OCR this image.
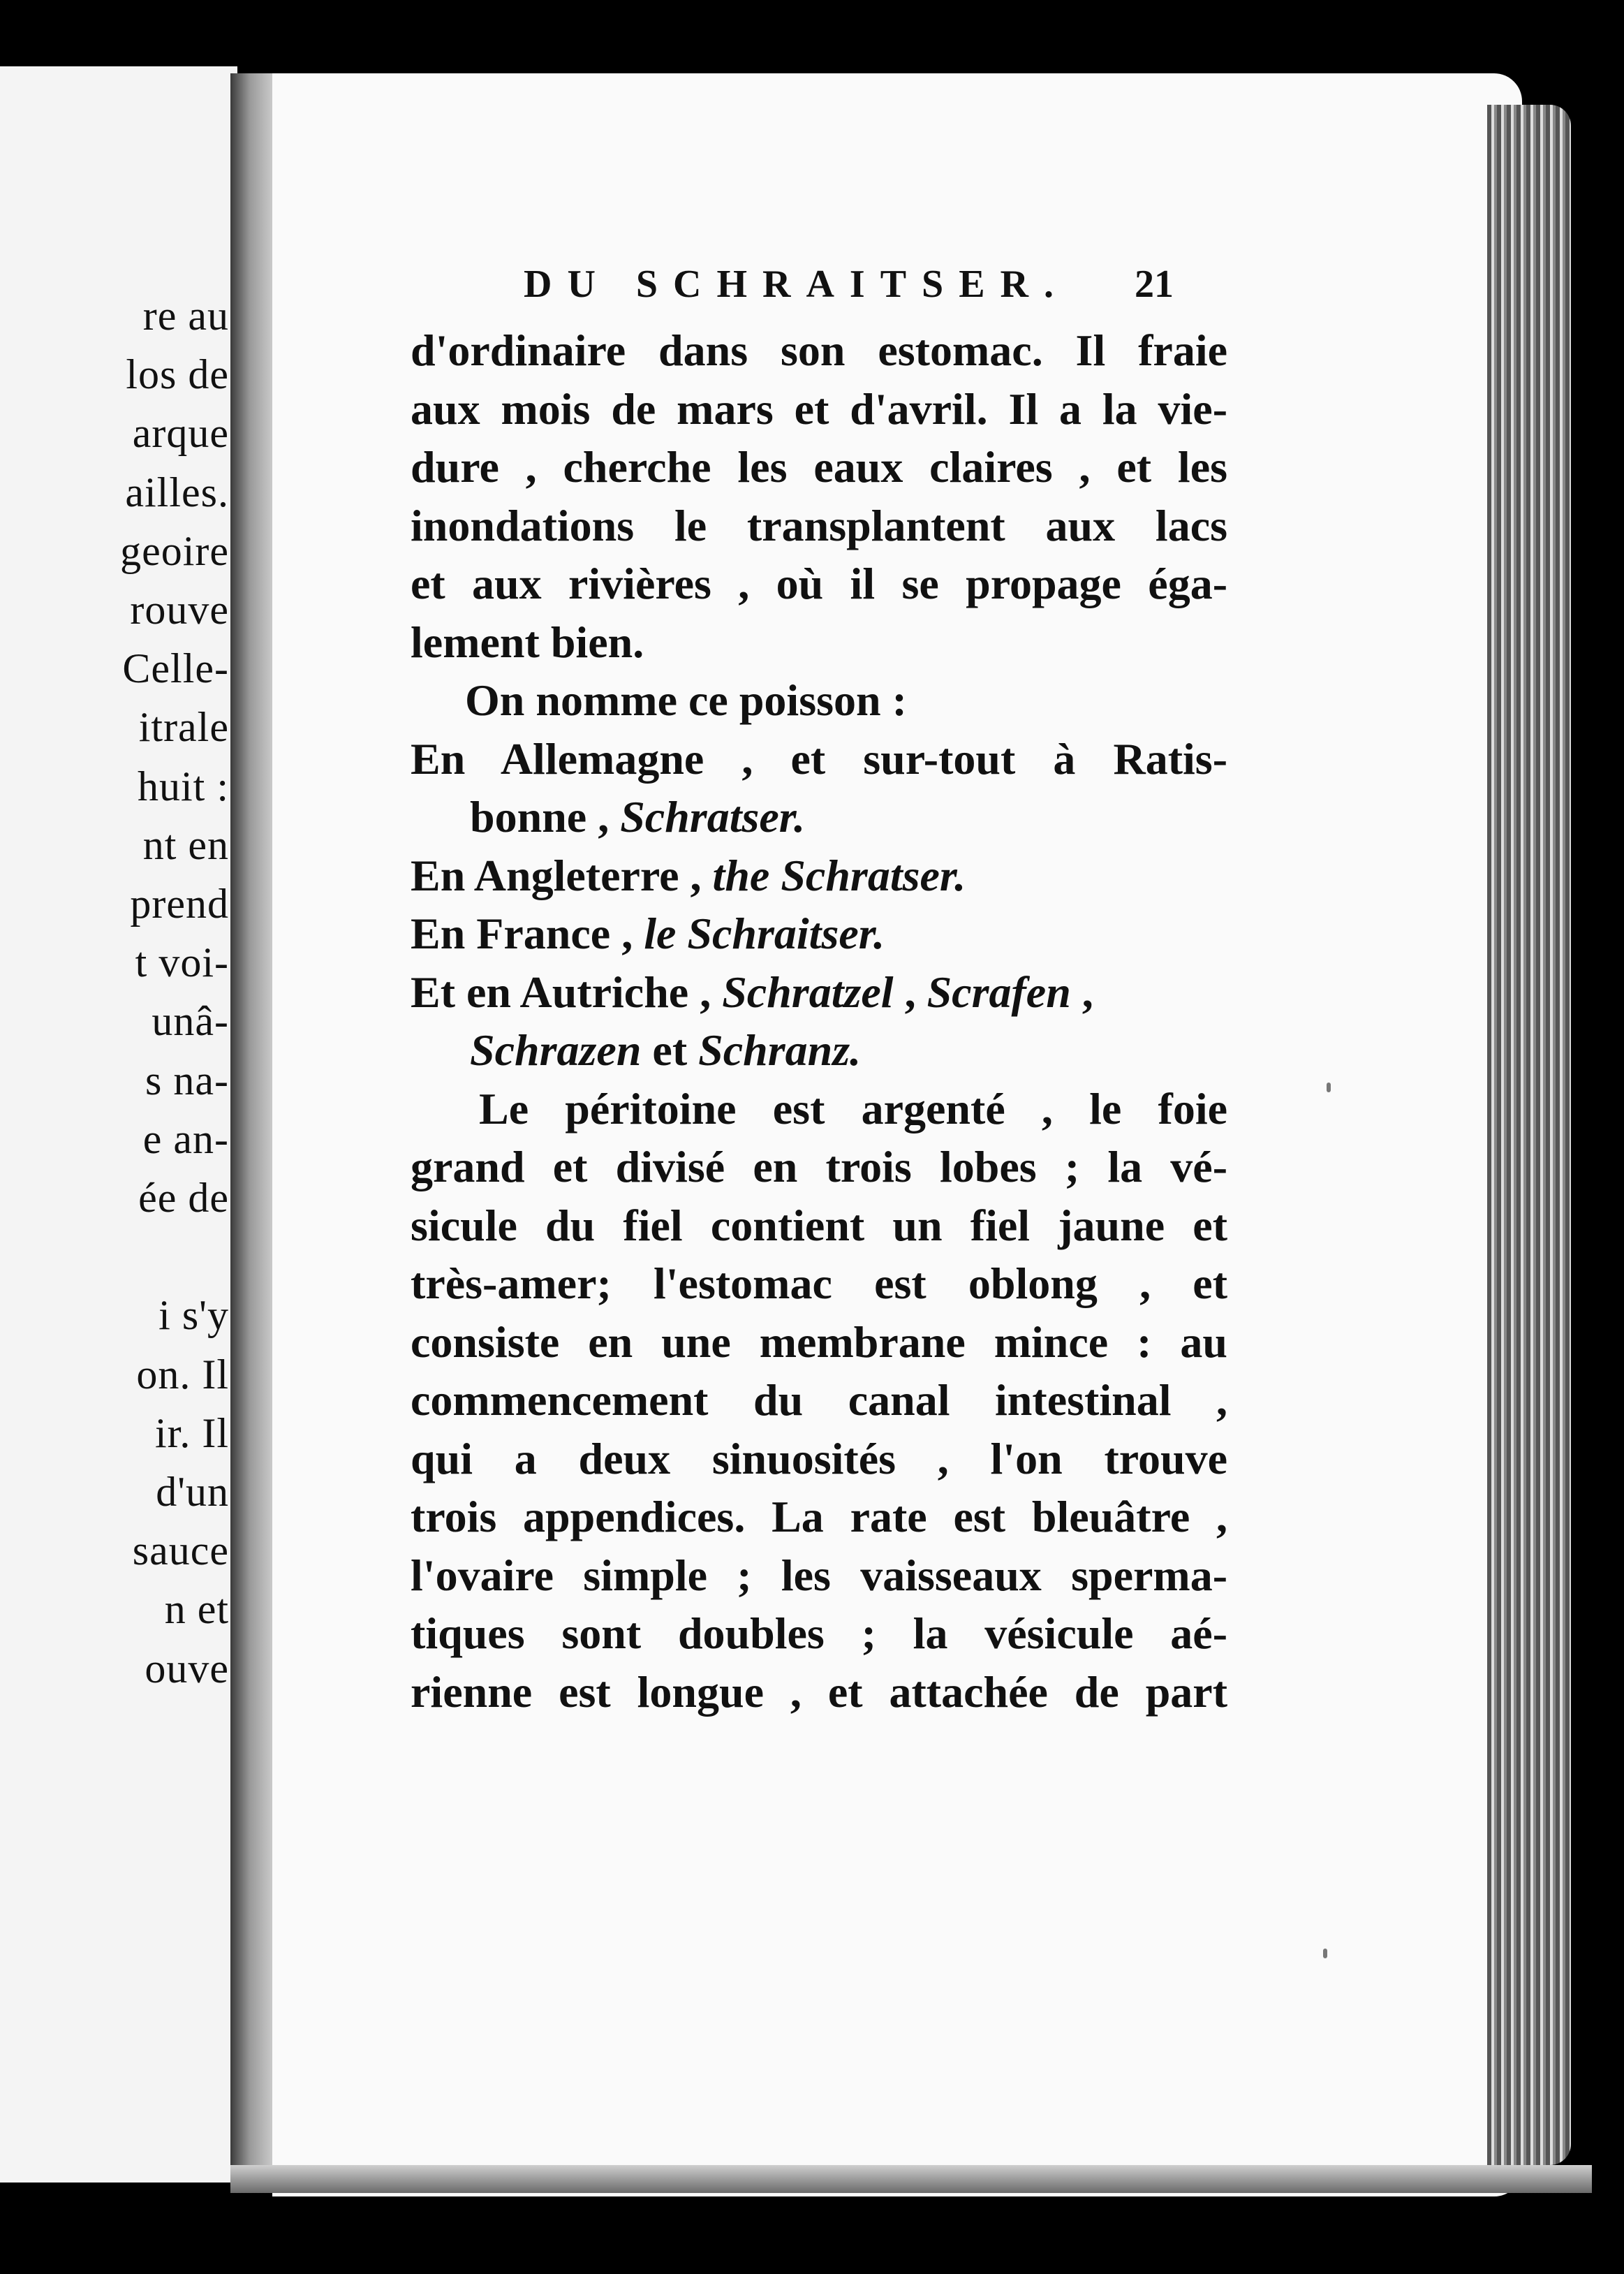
re au
los de
arque
ailles.
geoire
rouve
Celle-
itrale
huit :
nt en
prend
t voi-
unâ-
s na-
e an-
ée de
i s'y
on. Il
ir. Il
d'un
sauce
n et
ouve
DU SCHRAITSER.	21
d'ordinaire dans son estomac. Il fraie
aux mois de mars et d'avril. Il a la vie-
dure , cherche les eaux claires , et les
inondations le transplantent aux lacs
et aux rivières , où il se propage éga-
lement bien.
On nomme ce poisson :
En Allemagne , et sur-tout à Ratis-
bonne , Schratser.
En Angleterre , the Schratser.
En France , le Schraitser.
Et en Autriche , Schratzel , Scrafen ,
Schrazen et Schranz.
Le péritoine est argenté , le foie
grand et divisé en trois lobes ; la vé-
sicule du fiel contient un fiel jaune et
très-amer; l'estomac est oblong , et
consiste en une membrane mince : au
commencement du canal intestinal ,
qui a deux sinuosités , l'on trouve
trois appendices. La rate est bleuâtre ,
l'ovaire simple ; les vaisseaux sperma-
tiques sont doubles ; la vésicule aé-
rienne est longue , et attachée de part
